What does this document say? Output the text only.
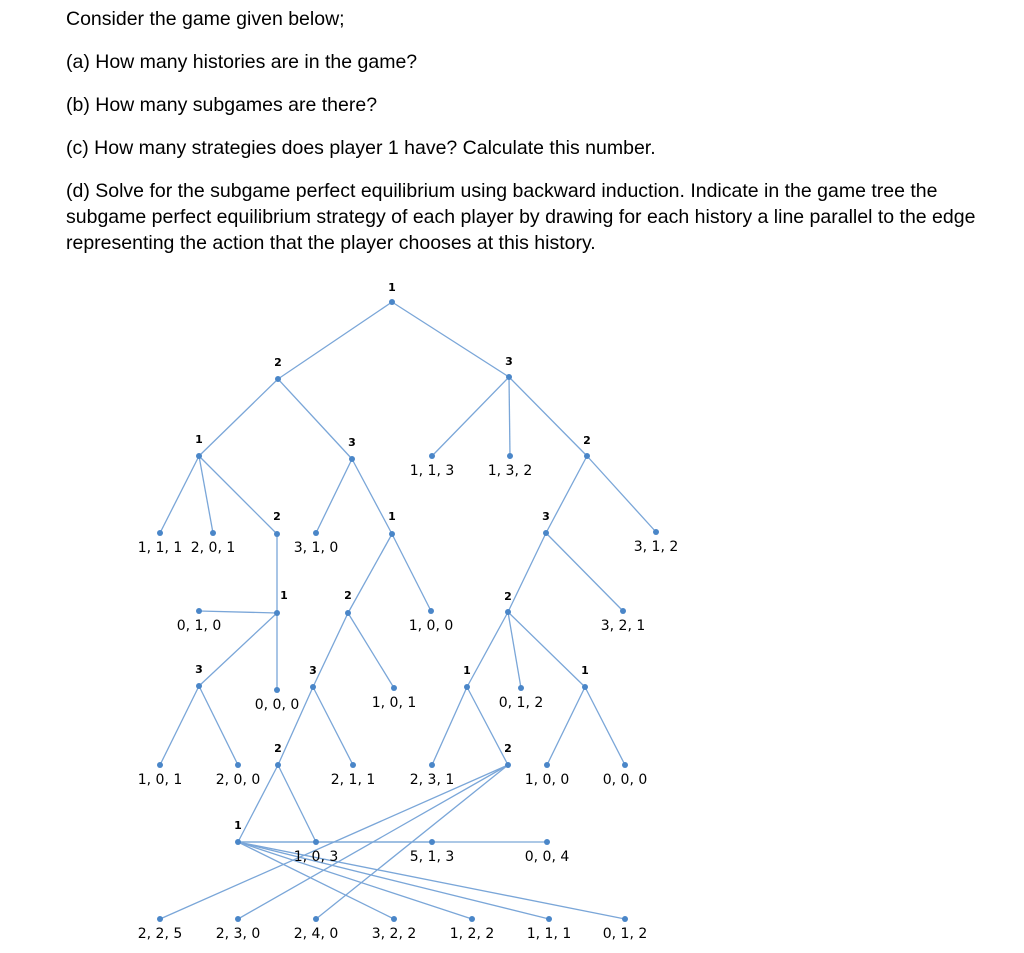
Consider the game given below;

(a) How many histories are in the game?

(b) How many subgames are there?

(c) How many strategies does player 1 have? Calculate this number.

(d) Solve for the subgame perfect equilibrium using backward induction. Indicate in the game tree the subgame perfect equilibrium strategy of each player by drawing for each history a line parallel to the edge representing the action that the player chooses at this history.

1
2	3
1	3	2
2	1	3
1	2	2
3	3	1	1
2	2
1
1, 1, 3 1, 3, 2
1, 1, 1 2, 0, 1	3, 1, 0	3, 1, 2
0, 1, 0	1, 0, 0	3, 2, 1
0, 0, 0	1, 0, 1	0, 1, 2
1, 0, 1 2, 0, 0	2, 1, 1 2, 3, 1	1, 0, 0 0, 0, 0
1, 0, 3	5, 1, 3	0, 0, 4
2, 2, 5 2, 3, 0 2, 4, 0 3, 2, 2 1, 2, 2 1, 1, 1 0, 1, 2
